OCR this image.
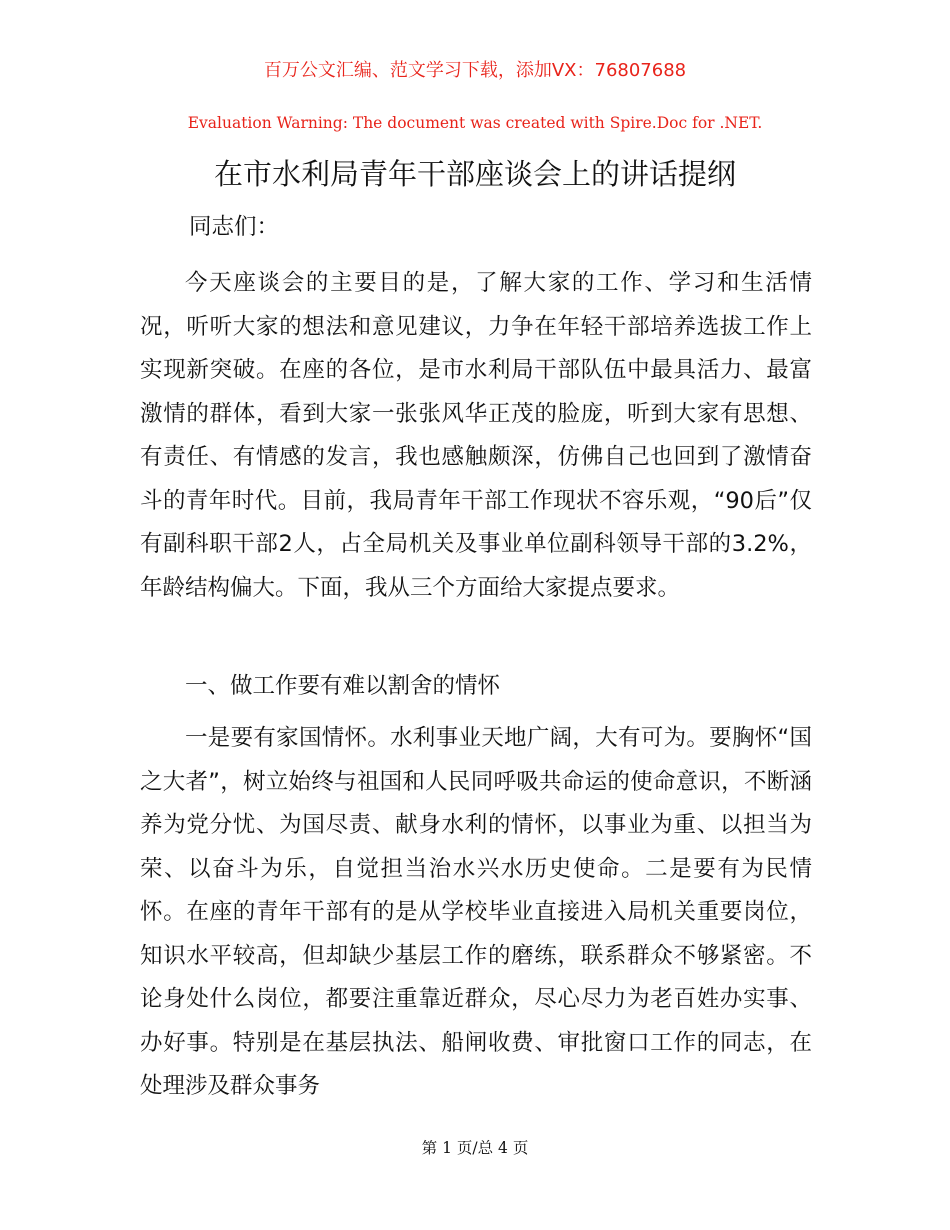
百万公文汇编、范文学习下载，添加VX：76807688
Evaluation Warning: The document was created with Spire.Doc for .NET.
在市水利局青年干部座谈会上的讲话提纲
同志们：

今天座谈会的主要目的是，了解大家的工作、学习和生活情况，听听大家的想法和意见建议，力争在年轻干部培养选拔工作上实现新突破。在座的各位，是市水利局干部队伍中最具活力、最富激情的群体，看到大家一张张风华正茂的脸庞，听到大家有思想、有责任、有情感的发言，我也感触颇深，仿佛自己也回到了激情奋斗的青年时代。目前，我局青年干部工作现状不容乐观，“90后”仅有副科职干部2人，占全局机关及事业单位副科领导干部的3.2%，年龄结构偏大。下面，我从三个方面给大家提点要求。

一、做工作要有难以割舍的情怀

一是要有家国情怀。水利事业天地广阔，大有可为。要胸怀“国之大者”，树立始终与祖国和人民同呼吸共命运的使命意识，不断涵养为党分忧、为国尽责、献身水利的情怀，以事业为重、以担当为荣、以奋斗为乐，自觉担当治水兴水历史使命。二是要有为民情怀。在座的青年干部有的是从学校毕业直接进入局机关重要岗位，知识水平较高，但却缺少基层工作的磨练，联系群众不够紧密。不论身处什么岗位，都要注重靠近群众，尽心尽力为老百姓办实事、办好事。特别是在基层执法、船闸收费、审批窗口工作的同志，在处理涉及群众事务

第 1 页/总 4 页
